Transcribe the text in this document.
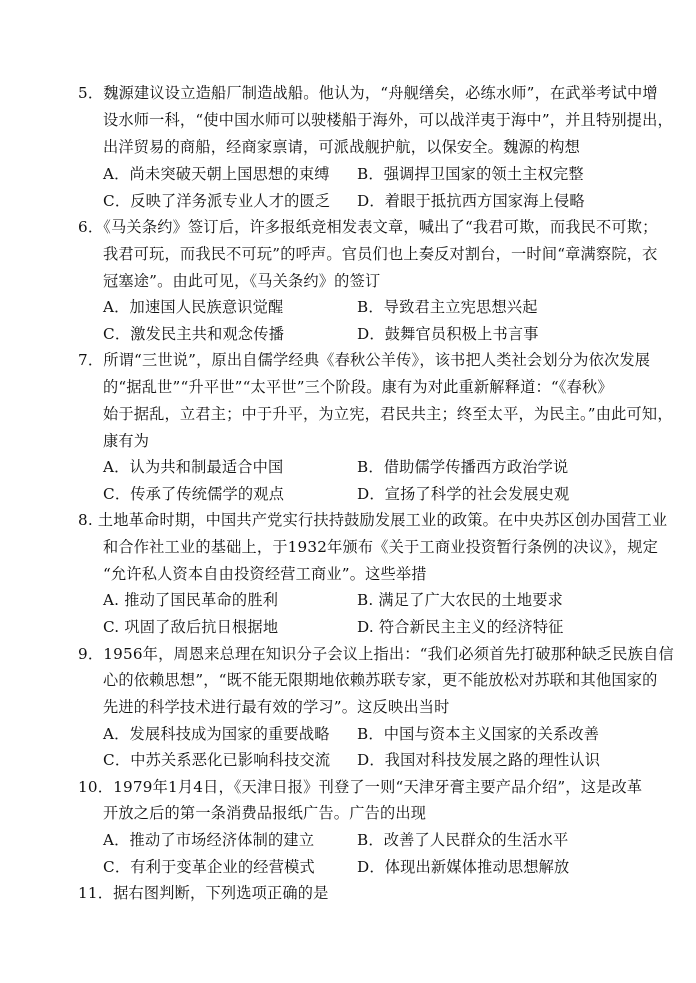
5．魏源建议设立造船厂制造战船。他认为，“舟舰缮矣，必练水师”，在武举考试中增
设水师一科，“使中国水师可以驶楼船于海外，可以战洋夷于海中”，并且特别提出，
出洋贸易的商船，经商家禀请，可派战舰护航，以保安全。魏源的构想
A．尚未突破天朝上国思想的束缚 B．强调捍卫国家的领土主权完整
C．反映了洋务派专业人才的匮乏 D．着眼于抵抗西方国家海上侵略
6．《马关条约》签订后，许多报纸竞相发表文章，喊出了“我君可欺，而我民不可欺；
我君可玩，而我民不可玩”的呼声。官员们也上奏反对割台，一时间“章满察院，衣
冠塞途”。由此可见，《马关条约》的签订
A．加速国人民族意识觉醒	B．导致君主立宪思想兴起
C．激发民主共和观念传播	D．鼓舞官员积极上书言事
7．所谓“三世说”，原出自儒学经典《春秋公羊传》，该书把人类社会划分为依次发展
的“据乱世”“升平世”“太平世”三个阶段。康有为对此重新解释道：“《春秋》
始于据乱，立君主；中于升平，为立宪，君民共主；终至太平，为民主。”由此可知，
康有为
A．认为共和制最适合中国	B．借助儒学传播西方政治学说
C．传承了传统儒学的观点	D．宣扬了科学的社会发展史观
8. 土地革命时期，中国共产党实行扶持鼓励发展工业的政策。在中央苏区创办国营工业
和合作社工业的基础上，于1932年颁布《关于工商业投资暂行条例的决议》，规定
“允许私人资本自由投资经营工商业”。这些举措
A. 推动了国民革命的胜利	B. 满足了广大农民的土地要求
C. 巩固了敌后抗日根据地	D. 符合新民主主义的经济特征
9．1956年，周恩来总理在知识分子会议上指出：“我们必须首先打破那种缺乏民族自信
心的依赖思想”，“既不能无限期地依赖苏联专家，更不能放松对苏联和其他国家的
先进的科学技术进行最有效的学习”。这反映出当时
A．发展科技成为国家的重要战略 B．中国与资本主义国家的关系改善
C．中苏关系恶化已影响科技交流 D．我国对科技发展之路的理性认识
10．1979年1月4日，《天津日报》刊登了一则“天津牙膏主要产品介绍”，这是改革
开放之后的第一条消费品报纸广告。广告的出现
A．推动了市场经济体制的建立	B．改善了人民群众的生活水平
C．有利于变革企业的经营模式	D．体现出新媒体推动思想解放
11．据右图判断，下列选项正确的是
